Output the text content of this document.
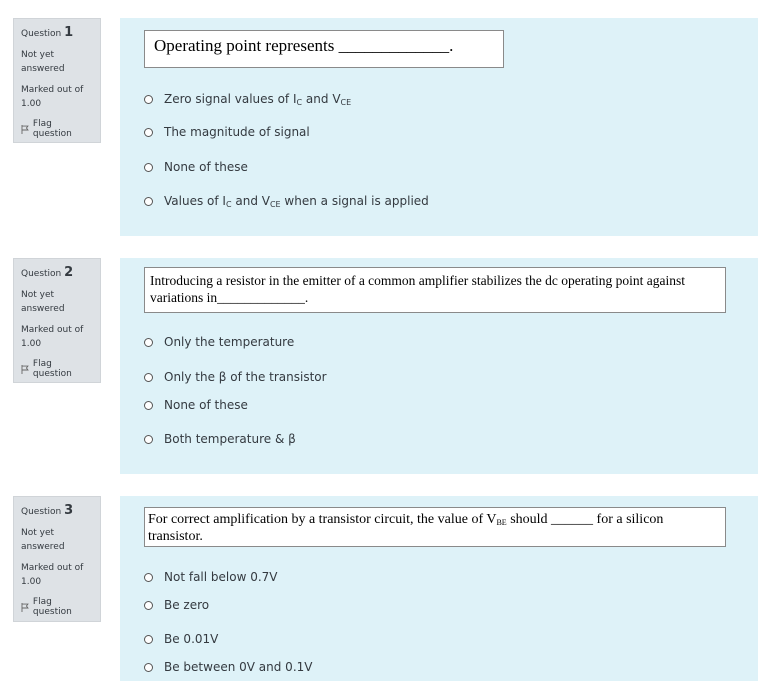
Question 1
Not yet answered
Marked out of 1.00
Flag question
Operating point represents _____________.
Zero signal values of $I_C$ and $V_{CE}$
The magnitude of signal
None of these
Values of $I_C$ and $V_{CE}$ when a signal is applied
Question 2
Not yet answered
Marked out of 1.00
Flag question
Introducing a resistor in the emitter of a common amplifier stabilizes the dc operating point against
variations in_____________.
Only the temperature
Only the β of the transistor
None of these
Both temperature & β
Question 3
Not yet answered
Marked out of 1.00
Flag question
For correct amplification by a transistor circuit, the value of $V_{BE}$ should ______ for a silicon
transistor.
Not fall below 0.7V
Be zero
Be 0.01V
Be between 0V and 0.1V
